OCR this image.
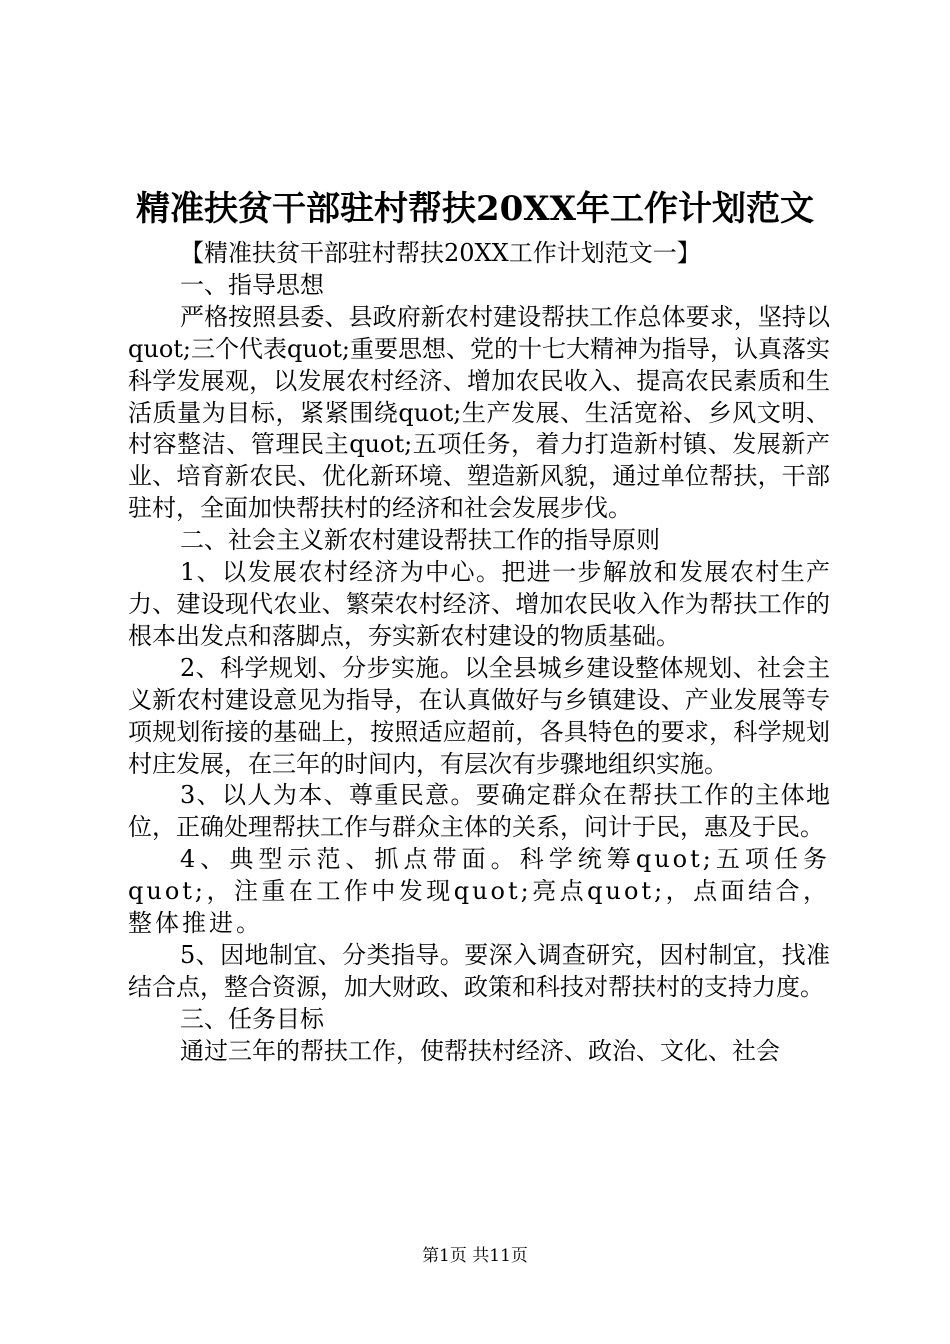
精准扶贫干部驻村帮扶20XX年工作计划范文

【精准扶贫干部驻村帮扶20XX工作计划范文一】

一、指导思想

严格按照县委、县政府新农村建设帮扶工作总体要求，坚持以quot;三个代表quot;重要思想、党的十七大精神为指导，认真落实科学发展观，以发展农村经济、增加农民收入、提高农民素质和生活质量为目标，紧紧围绕quot;生产发展、生活宽裕、乡风文明、村容整洁、管理民主quot;五项任务，着力打造新村镇、发展新产业、培育新农民、优化新环境、塑造新风貌，通过单位帮扶，干部驻村，全面加快帮扶村的经济和社会发展步伐。

二、社会主义新农村建设帮扶工作的指导原则

1、以发展农村经济为中心。把进一步解放和发展农村生产力、建设现代农业、繁荣农村经济、增加农民收入作为帮扶工作的根本出发点和落脚点，夯实新农村建设的物质基础。

2、科学规划、分步实施。以全县城乡建设整体规划、社会主义新农村建设意见为指导，在认真做好与乡镇建设、产业发展等专项规划衔接的基础上，按照适应超前，各具特色的要求，科学规划村庄发展，在三年的时间内，有层次有步骤地组织实施。

3、以人为本、尊重民意。要确定群众在帮扶工作的主体地位，正确处理帮扶工作与群众主体的关系，问计于民，惠及于民。

4、典型示范、抓点带面。科学统筹quot;五项任务quot;，注重在工作中发现quot;亮点quot;，点面结合，整体推进。

5、因地制宜、分类指导。要深入调查研究，因村制宜，找准结合点，整合资源，加大财政、政策和科技对帮扶村的支持力度。

三、任务目标

通过三年的帮扶工作，使帮扶村经济、政治、文化、社会

第1页 共11页
